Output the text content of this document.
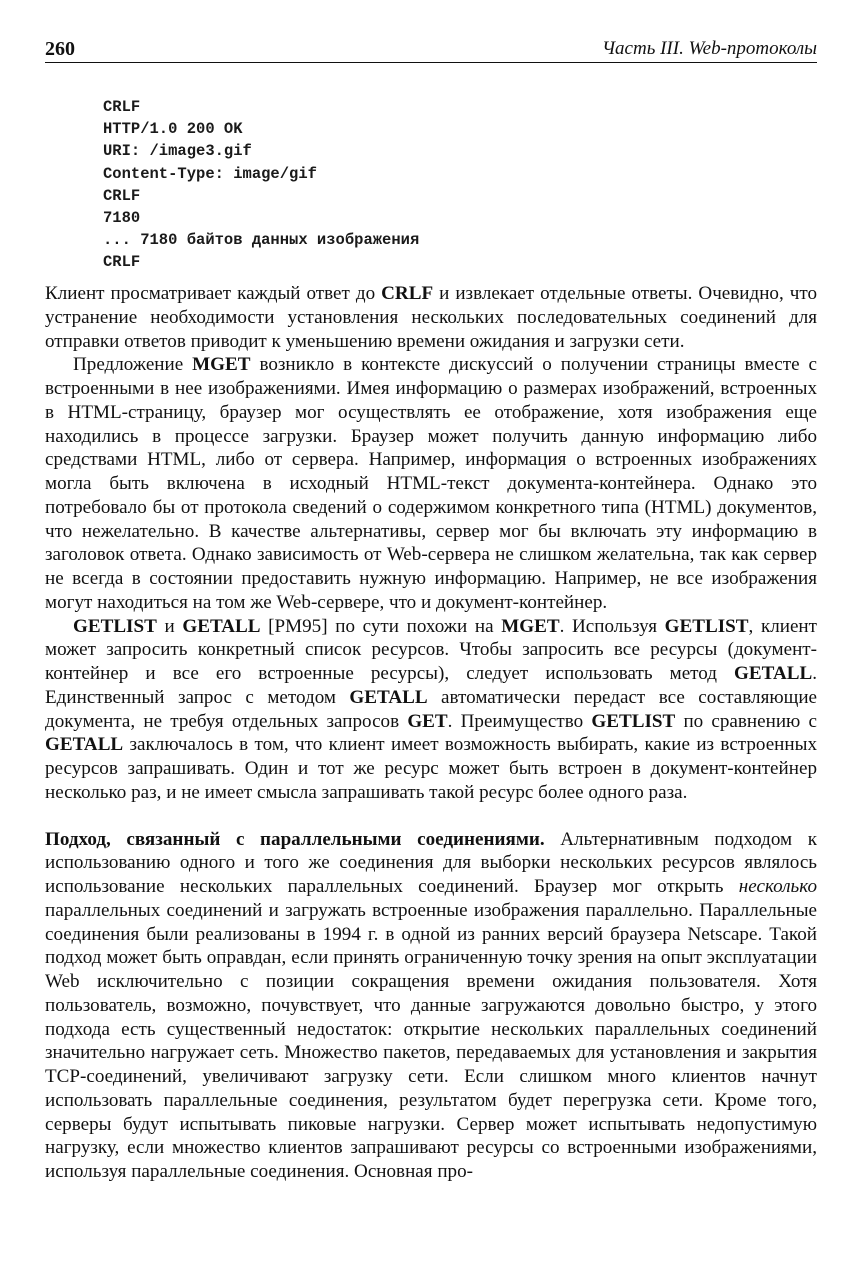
260	Часть III. Web-протоколы
CRLF
HTTP/1.0 200 OK
URI: /image3.gif
Content-Type: image/gif
CRLF
7180
... 7180 байтов данных изображения
CRLF

Клиент просматривает каждый ответ до CRLF и извлекает отдельные ответы. Очевидно, что устранение необходимости установления нескольких последовательных соединений для отправки ответов приводит к уменьшению времени ожидания и загрузки сети.

Предложение MGET возникло в контексте дискуссий о получении страницы вместе с встроенными в нее изображениями. Имея информацию о размерах изображений, встроенных в HTML-страницу, браузер мог осуществлять ее отображение, хотя изображения еще находились в процессе загрузки. Браузер может получить данную информацию либо средствами HTML, либо от сервера. Например, информация о встроенных изображениях могла быть включена в исходный HTML-текст документа-контейнера. Однако это потребовало бы от протокола сведений о содержимом конкретного типа (HTML) документов, что нежелательно. В качестве альтернативы, сервер мог бы включать эту информацию в заголовок ответа. Однако зависимость от Web-сервера не слишком желательна, так как сервер не всегда в состоянии предоставить нужную информацию. Например, не все изображения могут находиться на том же Web-сервере, что и документ-контейнер.

GETLIST и GETALL [PM95] по сути похожи на MGET. Используя GETLIST, клиент может запросить конкретный список ресурсов. Чтобы запросить все ресурсы (документ-контейнер и все его встроенные ресурсы), следует использовать метод GETALL. Единственный запрос с методом GETALL автоматически передаст все составляющие документа, не требуя отдельных запросов GET. Преимущество GETLIST по сравнению с GETALL заключалось в том, что клиент имеет возможность выбирать, какие из встроенных ресурсов запрашивать. Один и тот же ресурс может быть встроен в документ-контейнер несколько раз, и не имеет смысла запрашивать такой ресурс более одного раза.

Подход, связанный с параллельными соединениями. Альтернативным подходом к использованию одного и того же соединения для выборки нескольких ресурсов являлось использование нескольких параллельных соединений. Браузер мог открыть несколько параллельных соединений и загружать встроенные изображения параллельно. Параллельные соединения были реализованы в 1994 г. в одной из ранних версий браузера Netscape. Такой подход может быть оправдан, если принять ограниченную точку зрения на опыт эксплуатации Web исключительно с позиции сокращения времени ожидания пользователя. Хотя пользователь, возможно, почувствует, что данные загружаются довольно быстро, у этого подхода есть существенный недостаток: открытие нескольких параллельных соединений значительно нагружает сеть. Множество пакетов, передаваемых для установления и закрытия TCP-соединений, увеличивают загрузку сети. Если слишком много клиентов начнут использовать параллельные соединения, результатом будет перегрузка сети. Кроме того, серверы будут испытывать пиковые нагрузки. Сервер может испытывать недопустимую нагрузку, если множество клиентов запрашивают ресурсы со встроенными изображениями, используя параллельные соединения. Основная про-
